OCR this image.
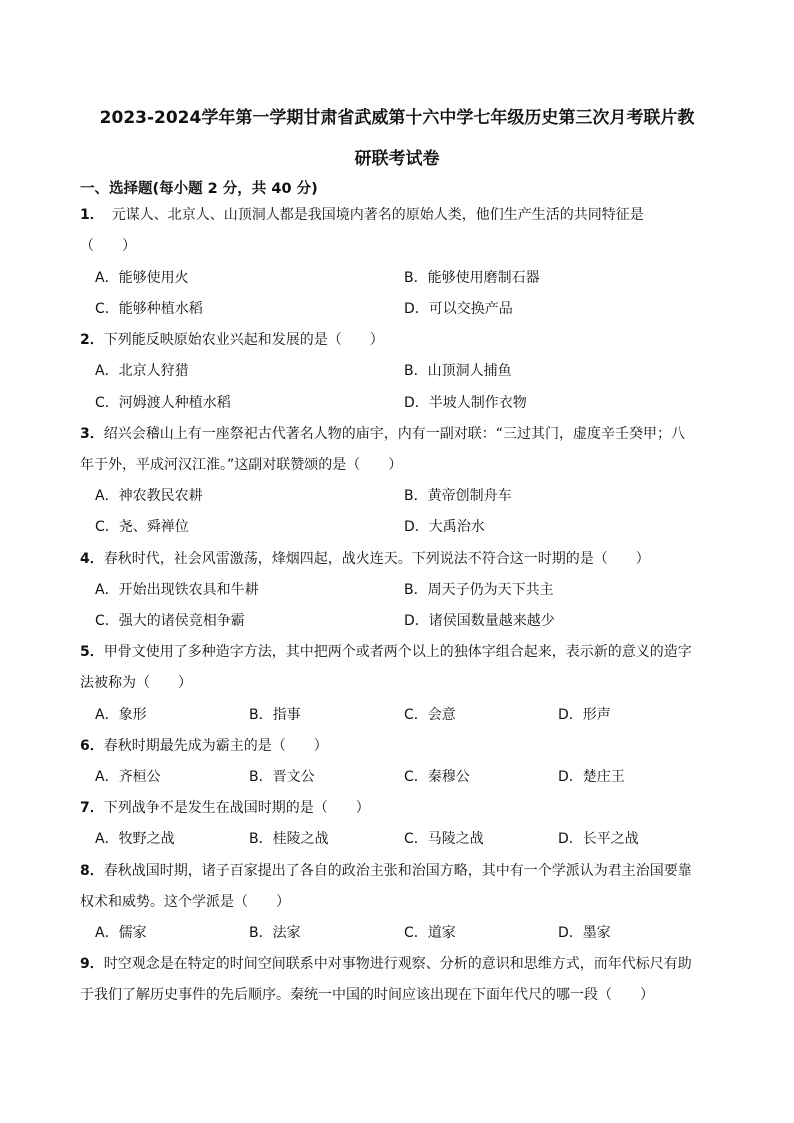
2023-2024学年第一学期甘肃省武威第十六中学七年级历史第三次月考联片教
研联考试卷
一、选择题(每小题 2 分，共 40 分)
1． 元谋人、北京人、山顶洞人都是我国境内著名的原始人类，他们生产生活的共同特征是
（　　）
A．能够使用火	B．能够使用磨制石器
C．能够种植水稻	D．可以交换产品
2．下列能反映原始农业兴起和发展的是（　　）
A．北京人狩猎	B．山顶洞人捕鱼
C．河姆渡人种植水稻	D．半坡人制作衣物
3．绍兴会稽山上有一座祭祀古代著名人物的庙宇，内有一副对联：“三过其门，虚度辛壬癸甲；八
年于外，平成河汉江淮。”这副对联赞颂的是（　　）
A．神农教民农耕	B．黄帝创制舟车
C．尧、舜禅位	D．大禹治水
4．春秋时代，社会风雷激荡，烽烟四起，战火连天。下列说法不符合这一时期的是（　　）
A．开始出现铁农具和牛耕	B．周天子仍为天下共主
C．强大的诸侯竞相争霸	D．诸侯国数量越来越少
5．甲骨文使用了多种造字方法，其中把两个或者两个以上的独体字组合起来，表示新的意义的造字
法被称为（　　）
A．象形	B．指事	C．会意	D．形声
6．春秋时期最先成为霸主的是（　　）
A．齐桓公	B．晋文公	C．秦穆公	D．楚庄王
7．下列战争不是发生在战国时期的是（　　）
A．牧野之战	B．桂陵之战	C．马陵之战	D．长平之战
8．春秋战国时期，诸子百家提出了各自的政治主张和治国方略，其中有一个学派认为君主治国要靠
权术和威势。这个学派是（　　）
A．儒家	B．法家	C．道家	D．墨家
9．时空观念是在特定的时间空间联系中对事物进行观察、分析的意识和思维方式，而年代标尺有助
于我们了解历史事件的先后顺序。秦统一中国的时间应该出现在下面年代尺的哪一段（　　）
